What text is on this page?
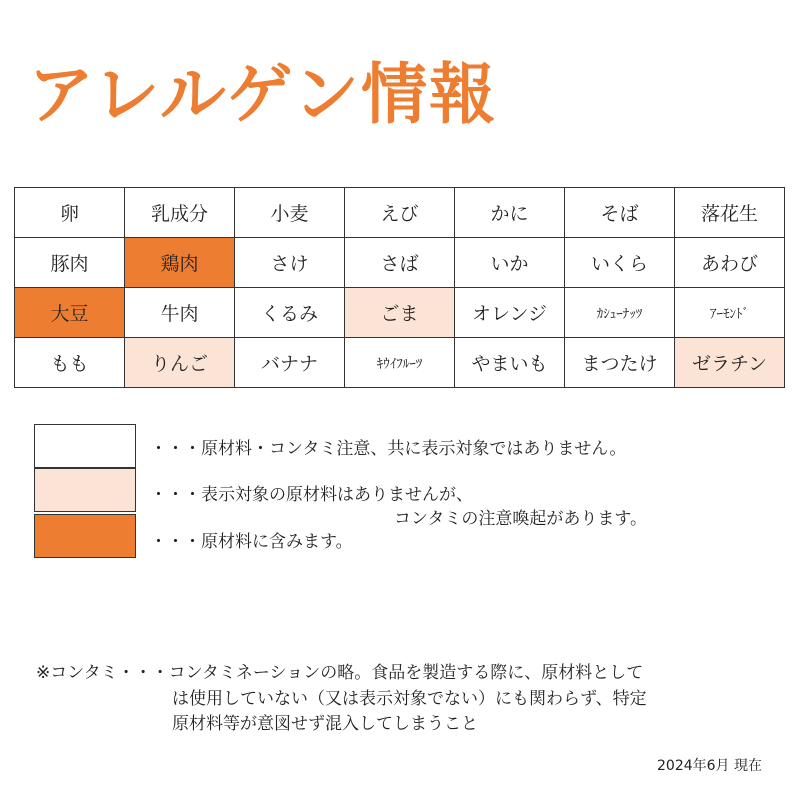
アレルゲン情報
卵	乳成分	小麦	えび	かに	そば	落花生
豚肉	鶏肉	さけ	さば	いか	いくら	あわび
大豆	牛肉	くるみ	ごま	オレンジ	ｶｼｭｰﾅｯﾂ	ｱｰﾓﾝﾄﾞ
もも	りんご	バナナ	ｷｳｲﾌﾙｰﾂ	やまいも	まつたけ	ゼラチン
・・・原材料・コンタミ注意、共に表示対象ではありません。
・・・表示対象の原材料はありませんが、
コンタミの注意喚起があります。
・・・原材料に含みます。
※コンタミ・・・コンタミネーションの略。食品を製造する際に、原材料として
は使用していない（又は表示対象でない）にも関わらず、特定
原材料等が意図せず混入してしまうこと
2024年6月 現在
